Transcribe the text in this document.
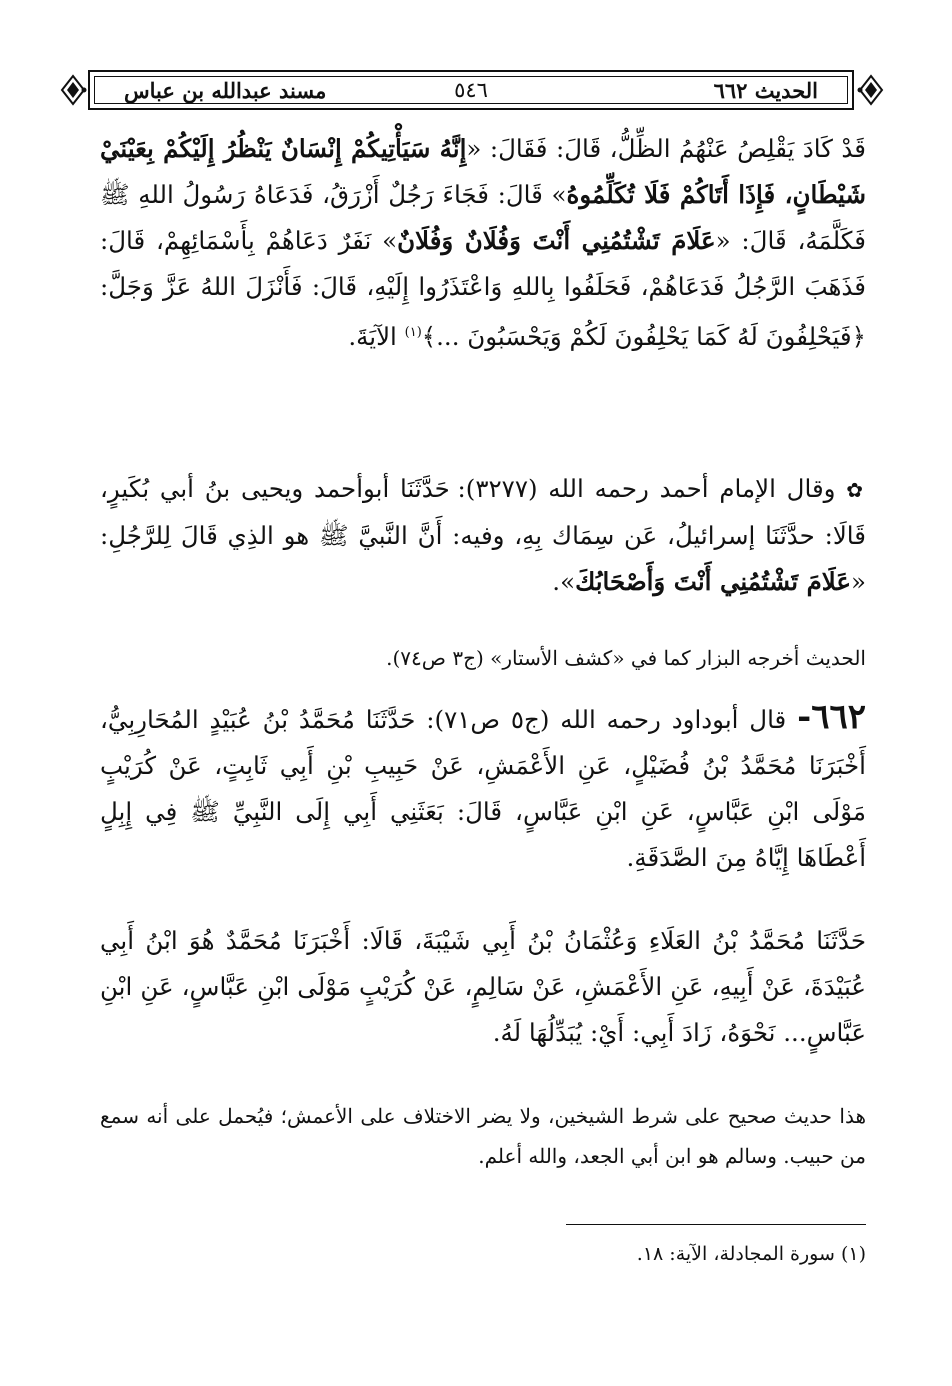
الحديث ٦٦٢
٥٤٦
مسند عبدالله بن عباس

قَدْ كَادَ يَقْلِصُ عَنْهُمُ الظِّلُّ، قَالَ: فَقَالَ: «إِنَّهُ سَيَأْتِيكُمْ إِنْسَانٌ يَنْظُرُ إِلَيْكُمْ بِعَيْنَيْ شَيْطَانٍ، فَإِذَا أَتَاكُمْ فَلَا تُكَلِّمُوهُ» قَالَ: فَجَاءَ رَجُلٌ أَزْرَقُ، فَدَعَاهُ رَسُولُ اللهِ ﷺ فَكَلَّمَهُ، قَالَ: «عَلَامَ تَشْتُمُنِي أَنْتَ وَفُلَانٌ وَفُلَانٌ» نَفَرٌ دَعَاهُمْ بِأَسْمَائِهِمْ، قَالَ: فَذَهَبَ الرَّجُلُ فَدَعَاهُمْ، فَحَلَفُوا بِاللهِ وَاعْتَذَرُوا إِلَيْهِ، قَالَ: فَأَنْزَلَ اللهُ عَزَّ وَجَلَّ: ﴿فَيَحْلِفُونَ لَهُ كَمَا يَحْلِفُونَ لَكُمْ وَيَحْسَبُونَ ...﴾$^{(١)}$ الآيَةَ.

✿ وقال الإمام أحمد رحمه الله (٣٢٧٧): حَدَّثَنَا أبوأحمد ويحيى بنُ أبي بُكَيرٍ، قَالَا: حدَّثَنَا إسرائيلُ، عَن سِمَاك بِهِ، وفيه: أَنَّ النَّبيَّ ﷺ هو الذِي قَالَ لِلرَّجُلِ: «عَلَامَ تَشْتُمُنِي أَنْتَ وَأَصْحَابُكَ».

الحديث أخرجه البزار كما في «كشف الأستار» (ج٣ ص٧٤).

٦٦٢- قال أبوداود رحمه الله (ج٥ ص٧١): حَدَّثَنَا مُحَمَّدُ بْنُ عُبَيْدٍ المُحَارِبِيُّ، أَخْبَرَنَا مُحَمَّدُ بْنُ فُضَيْلٍ، عَنِ الأَعْمَشِ، عَنْ حَبِيبِ بْنِ أَبِي ثَابِتٍ، عَنْ كُرَيْبٍ مَوْلَى ابْنِ عَبَّاسٍ، عَنِ ابْنِ عَبَّاسٍ، قَالَ: بَعَثَنِي أَبِي إِلَى النَّبِيِّ ﷺ فِي إِبِلٍ أَعْطَاهَا إِيَّاهُ مِنَ الصَّدَقَةِ.

حَدَّثَنَا مُحَمَّدُ بْنُ العَلَاءِ وَعُثْمَانُ بْنُ أَبِي شَيْبَةَ، قَالَا: أَخْبَرَنَا مُحَمَّدٌ هُوَ ابْنُ أَبِي عُبَيْدَةَ، عَنْ أَبِيهِ، عَنِ الأَعْمَشِ، عَنْ سَالِمٍ، عَنْ كُرَيْبٍ مَوْلَى ابْنِ عَبَّاسٍ، عَنِ ابْنِ عَبَّاسٍ... نَحْوَهُ، زَادَ أَبِي: أَيْ: يُبَدِّلُهَا لَهُ.

هذا حديث صحيح على شرط الشيخين، ولا يضر الاختلاف على الأعمش؛ فيُحمل على أنه سمع من حبيب. وسالم هو ابن أبي الجعد، والله أعلم.

(١) سورة المجادلة، الآية: ١٨.
